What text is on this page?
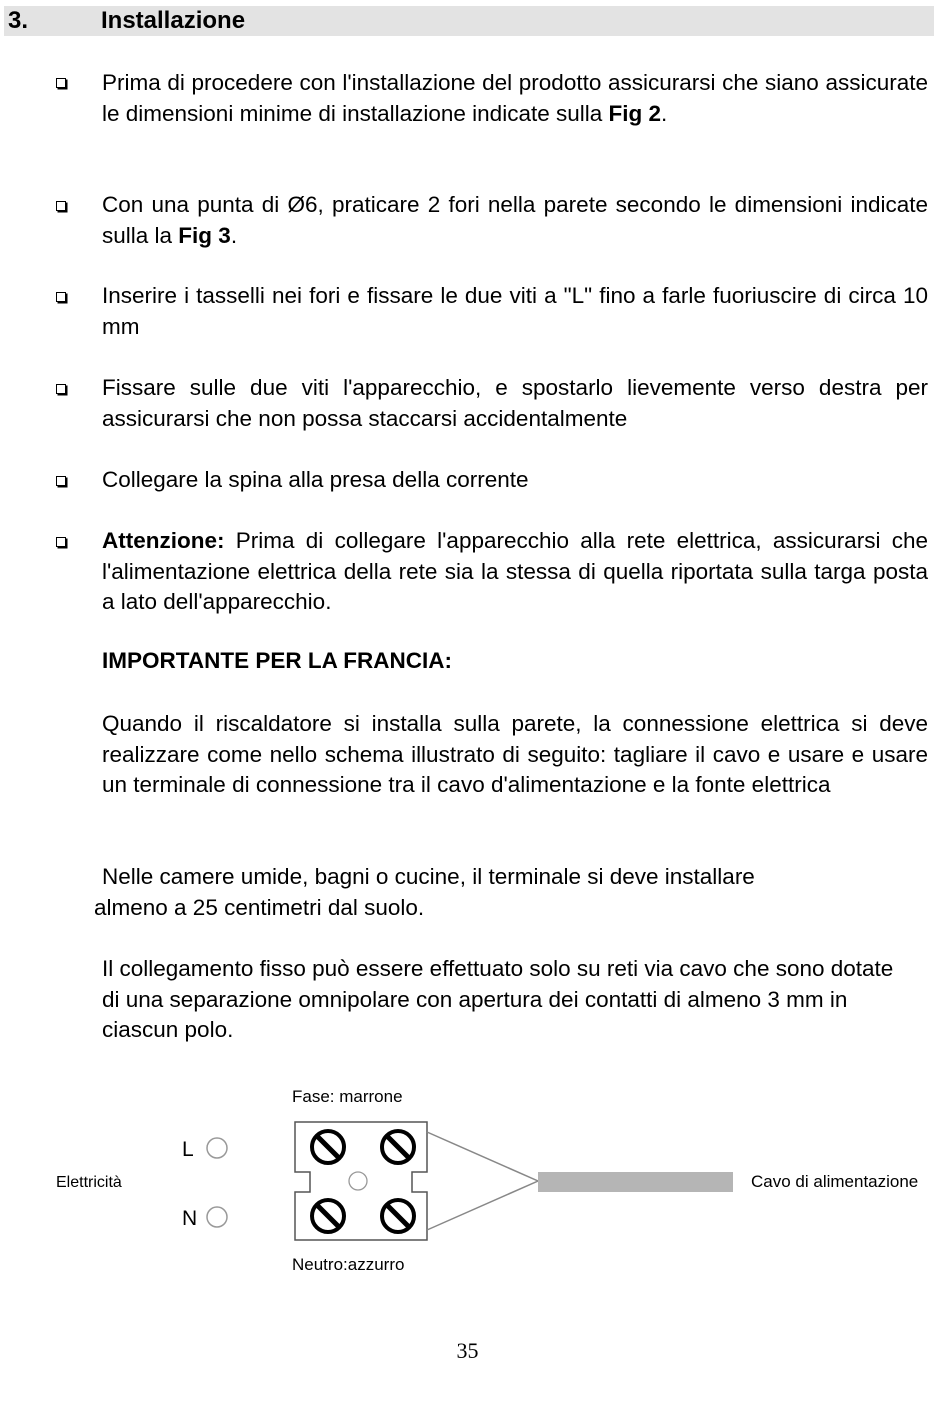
3.	Installazione
Prima di procedere con l'installazione del prodotto assicurarsi che siano assicurate le dimensioni minime di installazione indicate sulla Fig 2.
Con una punta di Ø6, praticare 2 fori nella parete secondo le dimensioni indicate sulla la Fig 3.
Inserire i tasselli nei fori e fissare le due viti a "L" fino a farle fuoriuscire di circa 10 mm
Fissare sulle due viti l'apparecchio, e spostarlo lievemente verso destra per assicurarsi che non possa staccarsi accidentalmente
Collegare la spina alla presa della corrente
Attenzione: Prima di collegare l'apparecchio alla rete elettrica, assicurarsi che l'alimentazione elettrica della rete sia la stessa di quella riportata sulla targa posta a lato dell'apparecchio.
IMPORTANTE PER LA FRANCIA:
Quando il riscaldatore si installa sulla parete, la connessione elettrica si deve realizzare come nello schema illustrato di seguito: tagliare il cavo e usare e usare un terminale di connessione tra il cavo d'alimentazione e la fonte elettrica
Nelle camere umide, bagni o cucine, il terminale si deve installare
almeno a 25 centimetri dal suolo.
Il collegamento fisso può essere effettuato solo su reti via cavo che sono dotate di una separazione omnipolare con apertura dei contatti di almeno 3 mm in ciascun polo.
Fase: marrone
Neutro:azzurro
Elettricità	Cavo di alimentazione
L
N
35
